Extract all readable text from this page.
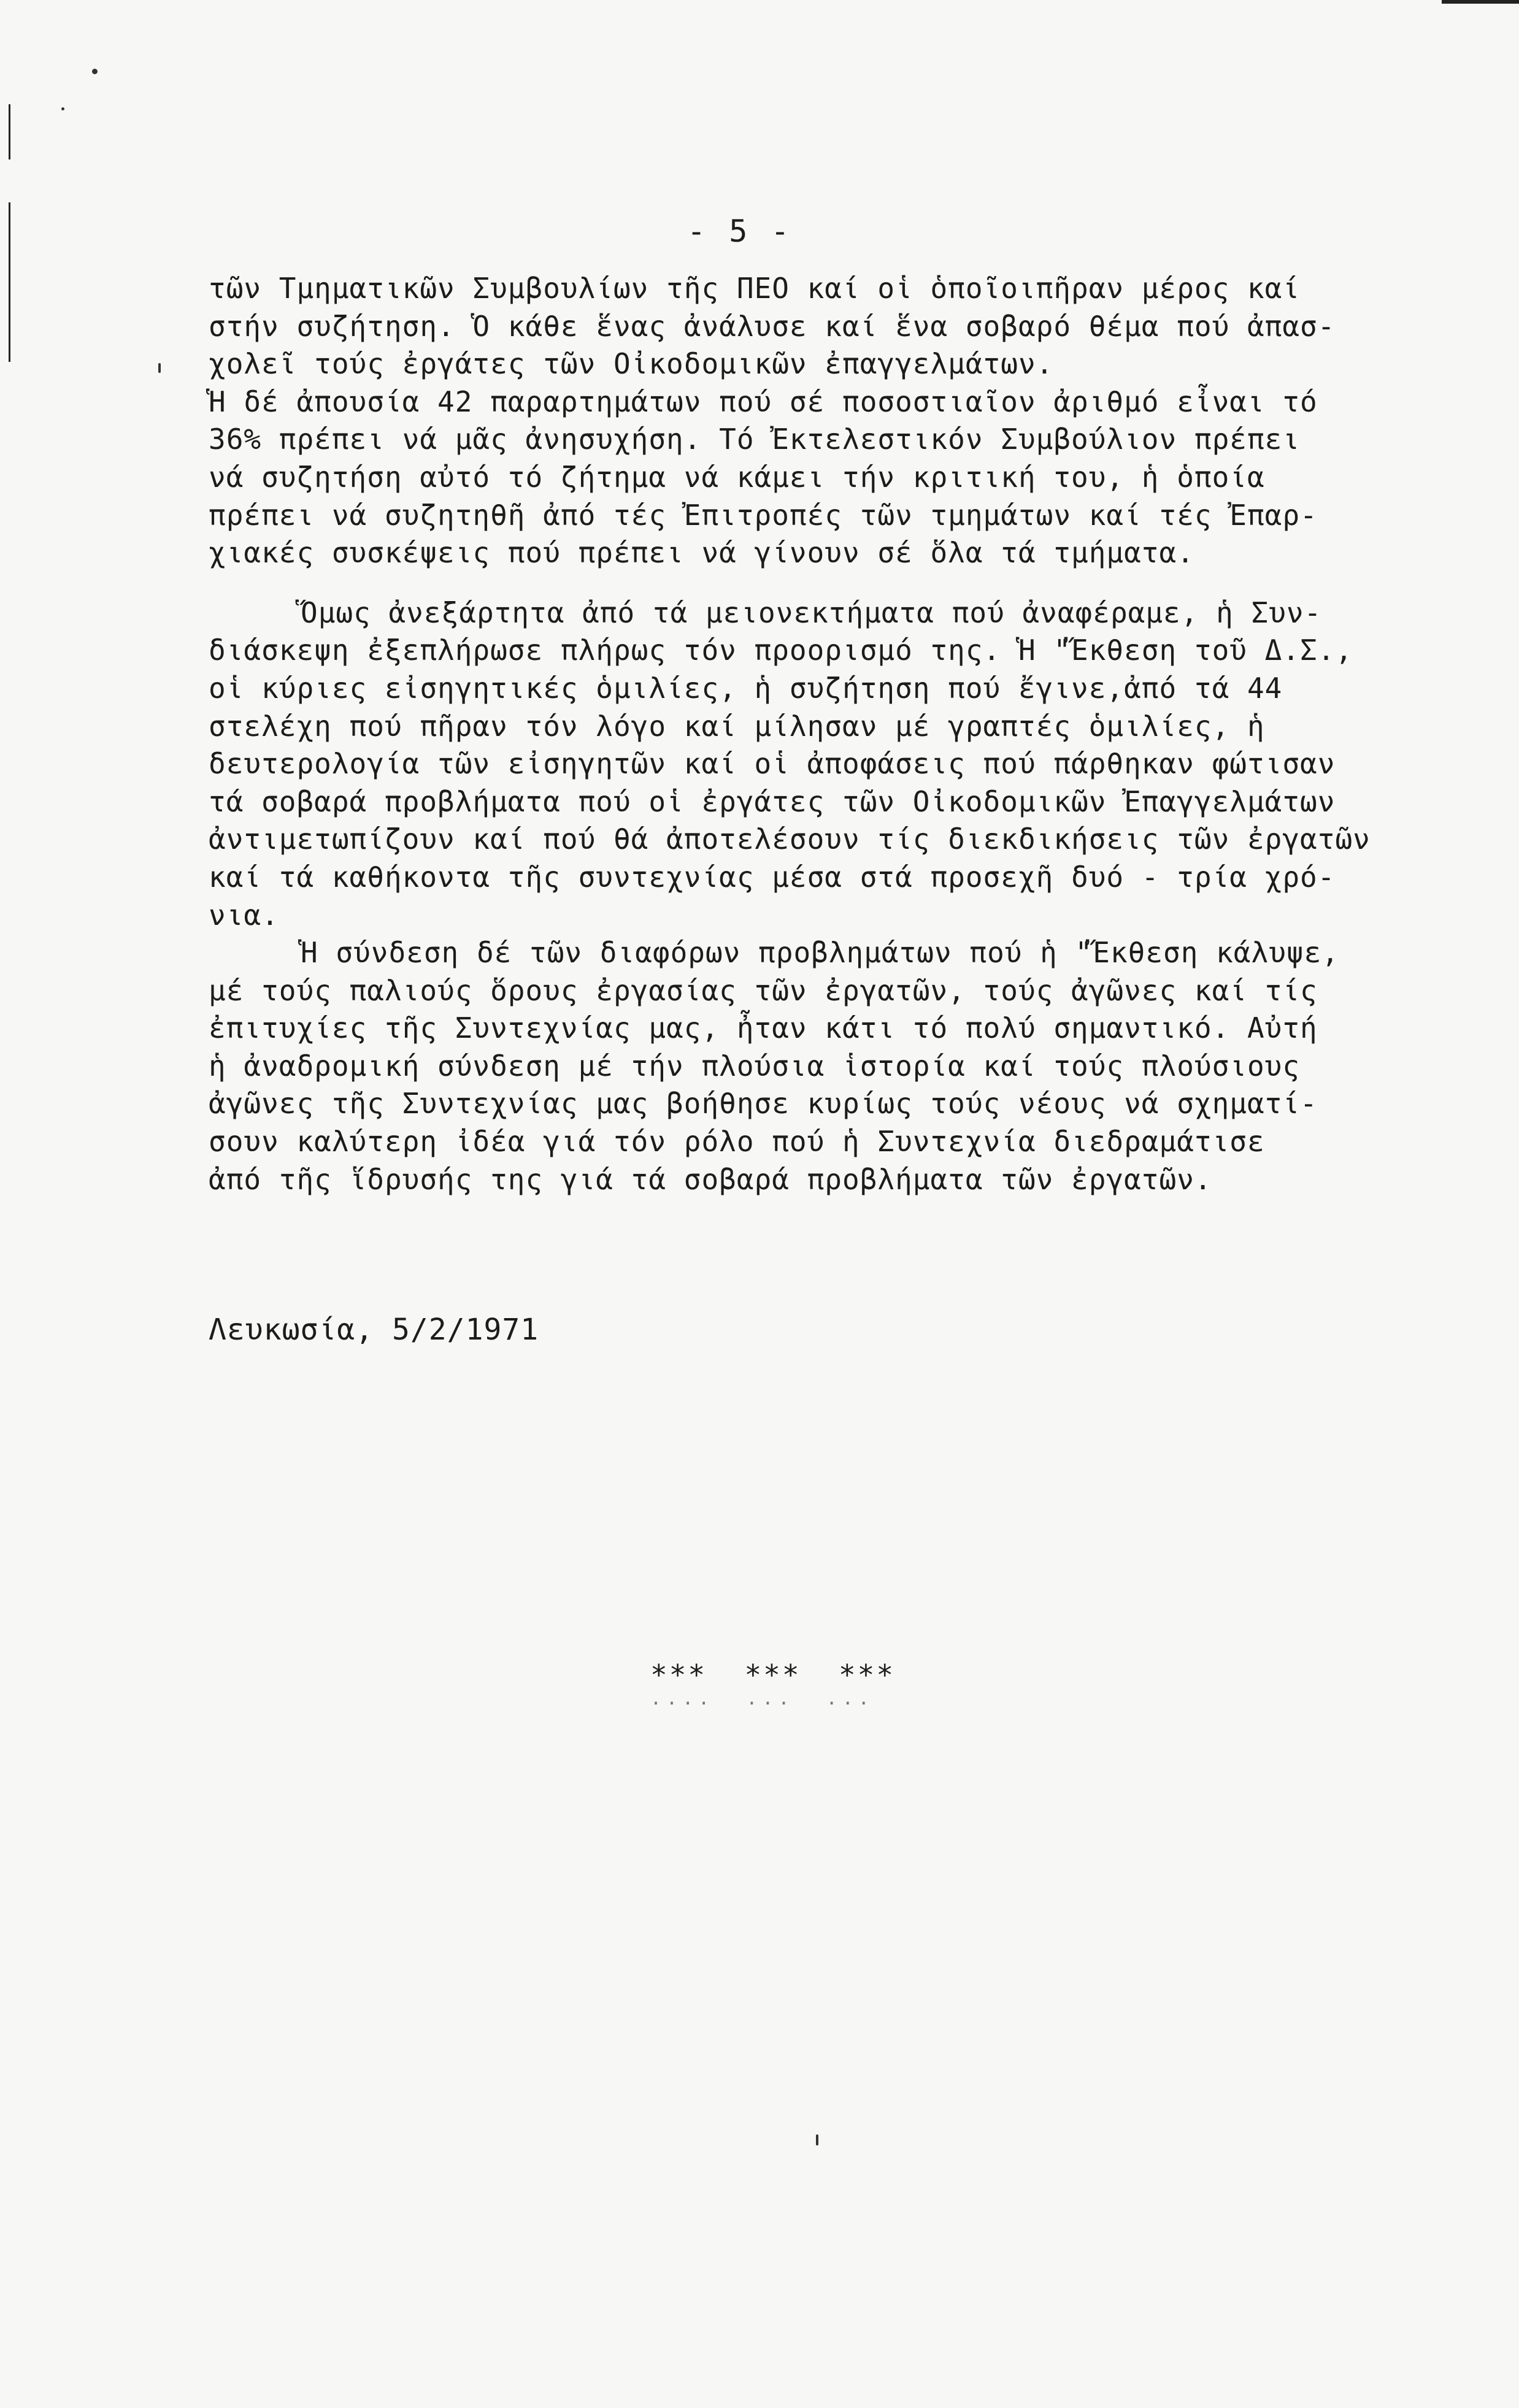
- 5 -
τῶν Τμηματικῶν Συμβουλίων τῆς ΠΕΟ καί οἱ ὁποῖοιπῆραν μέρος καί
στήν συζήτηση. Ὁ κάθε ἕνας ἀνάλυσε καί ἕνα σοβαρό θέμα πού ἀπασ-
χολεῖ τούς ἐργάτες τῶν Οἰκοδομικῶν ἐπαγγελμάτων.
Ἡ δέ ἀπουσία 42 παραρτημάτων πού σέ ποσοστιαῖον ἀριθμό εἶναι τό
36% πρέπει νά μᾶς ἀνησυχήση. Τό Ἐκτελεστικόν Συμβούλιον πρέπει
νά συζητήση αὐτό τό ζήτημα νά κάμει τήν κριτική του, ἡ ὁποία
πρέπει νά συζητηθῆ ἀπό τές Ἐπιτροπές τῶν τμημάτων καί τές Ἐπαρ-
χιακές συσκέψεις πού πρέπει νά γίνουν σέ ὅλα τά τμήματα.
Ὅμως ἀνεξάρτητα ἀπό τά μειονεκτήματα πού ἀναφέραμε, ἡ Συν-
διάσκεψη ἐξεπλήρωσε πλήρως τόν προορισμό της. Ἡ "Ἔκθεση τοῦ Δ.Σ.,
οἱ κύριες εἰσηγητικές ὁμιλίες, ἡ συζήτηση πού ἔγινε,ἀπό τά 44
στελέχη πού πῆραν τόν λόγο καί μίλησαν μέ γραπτές ὁμιλίες, ἡ
δευτερολογία τῶν εἰσηγητῶν καί οἱ ἀποφάσεις πού πάρθηκαν φώτισαν
τά σοβαρά προβλήματα πού οἱ ἐργάτες τῶν Οἰκοδομικῶν Ἐπαγγελμάτων
ἀντιμετωπίζουν καί πού θά ἀποτελέσουν τίς διεκδικήσεις τῶν ἐργατῶν
καί τά καθήκοντα τῆς συντεχνίας μέσα στά προσεχῆ δυό - τρία χρό-
νια.
Ἡ σύνδεση δέ τῶν διαφόρων προβλημάτων πού ἡ "Ἔκθεση κάλυψε,
μέ τούς παλιούς ὅρους ἐργασίας τῶν ἐργατῶν, τούς ἀγῶνες καί τίς
ἐπιτυχίες τῆς Συντεχνίας μας, ἦταν κάτι τό πολύ σημαντικό. Αὐτή
ἡ ἀναδρομική σύνδεση μέ τήν πλούσια ἱστορία καί τούς πλούσιους
ἀγῶνες τῆς Συντεχνίας μας βοήθησε κυρίως τούς νέους νά σχηματί-
σουν καλύτερη ἰδέα γιά τόν ρόλο πού ἡ Συντεχνία διεδραμάτισε
ἀπό τῆς ἵδρυσής της γιά τά σοβαρά προβλήματα τῶν ἐργατῶν.
Λευκωσία, 5/2/1971
***  ***  ***
....  ...  ...
